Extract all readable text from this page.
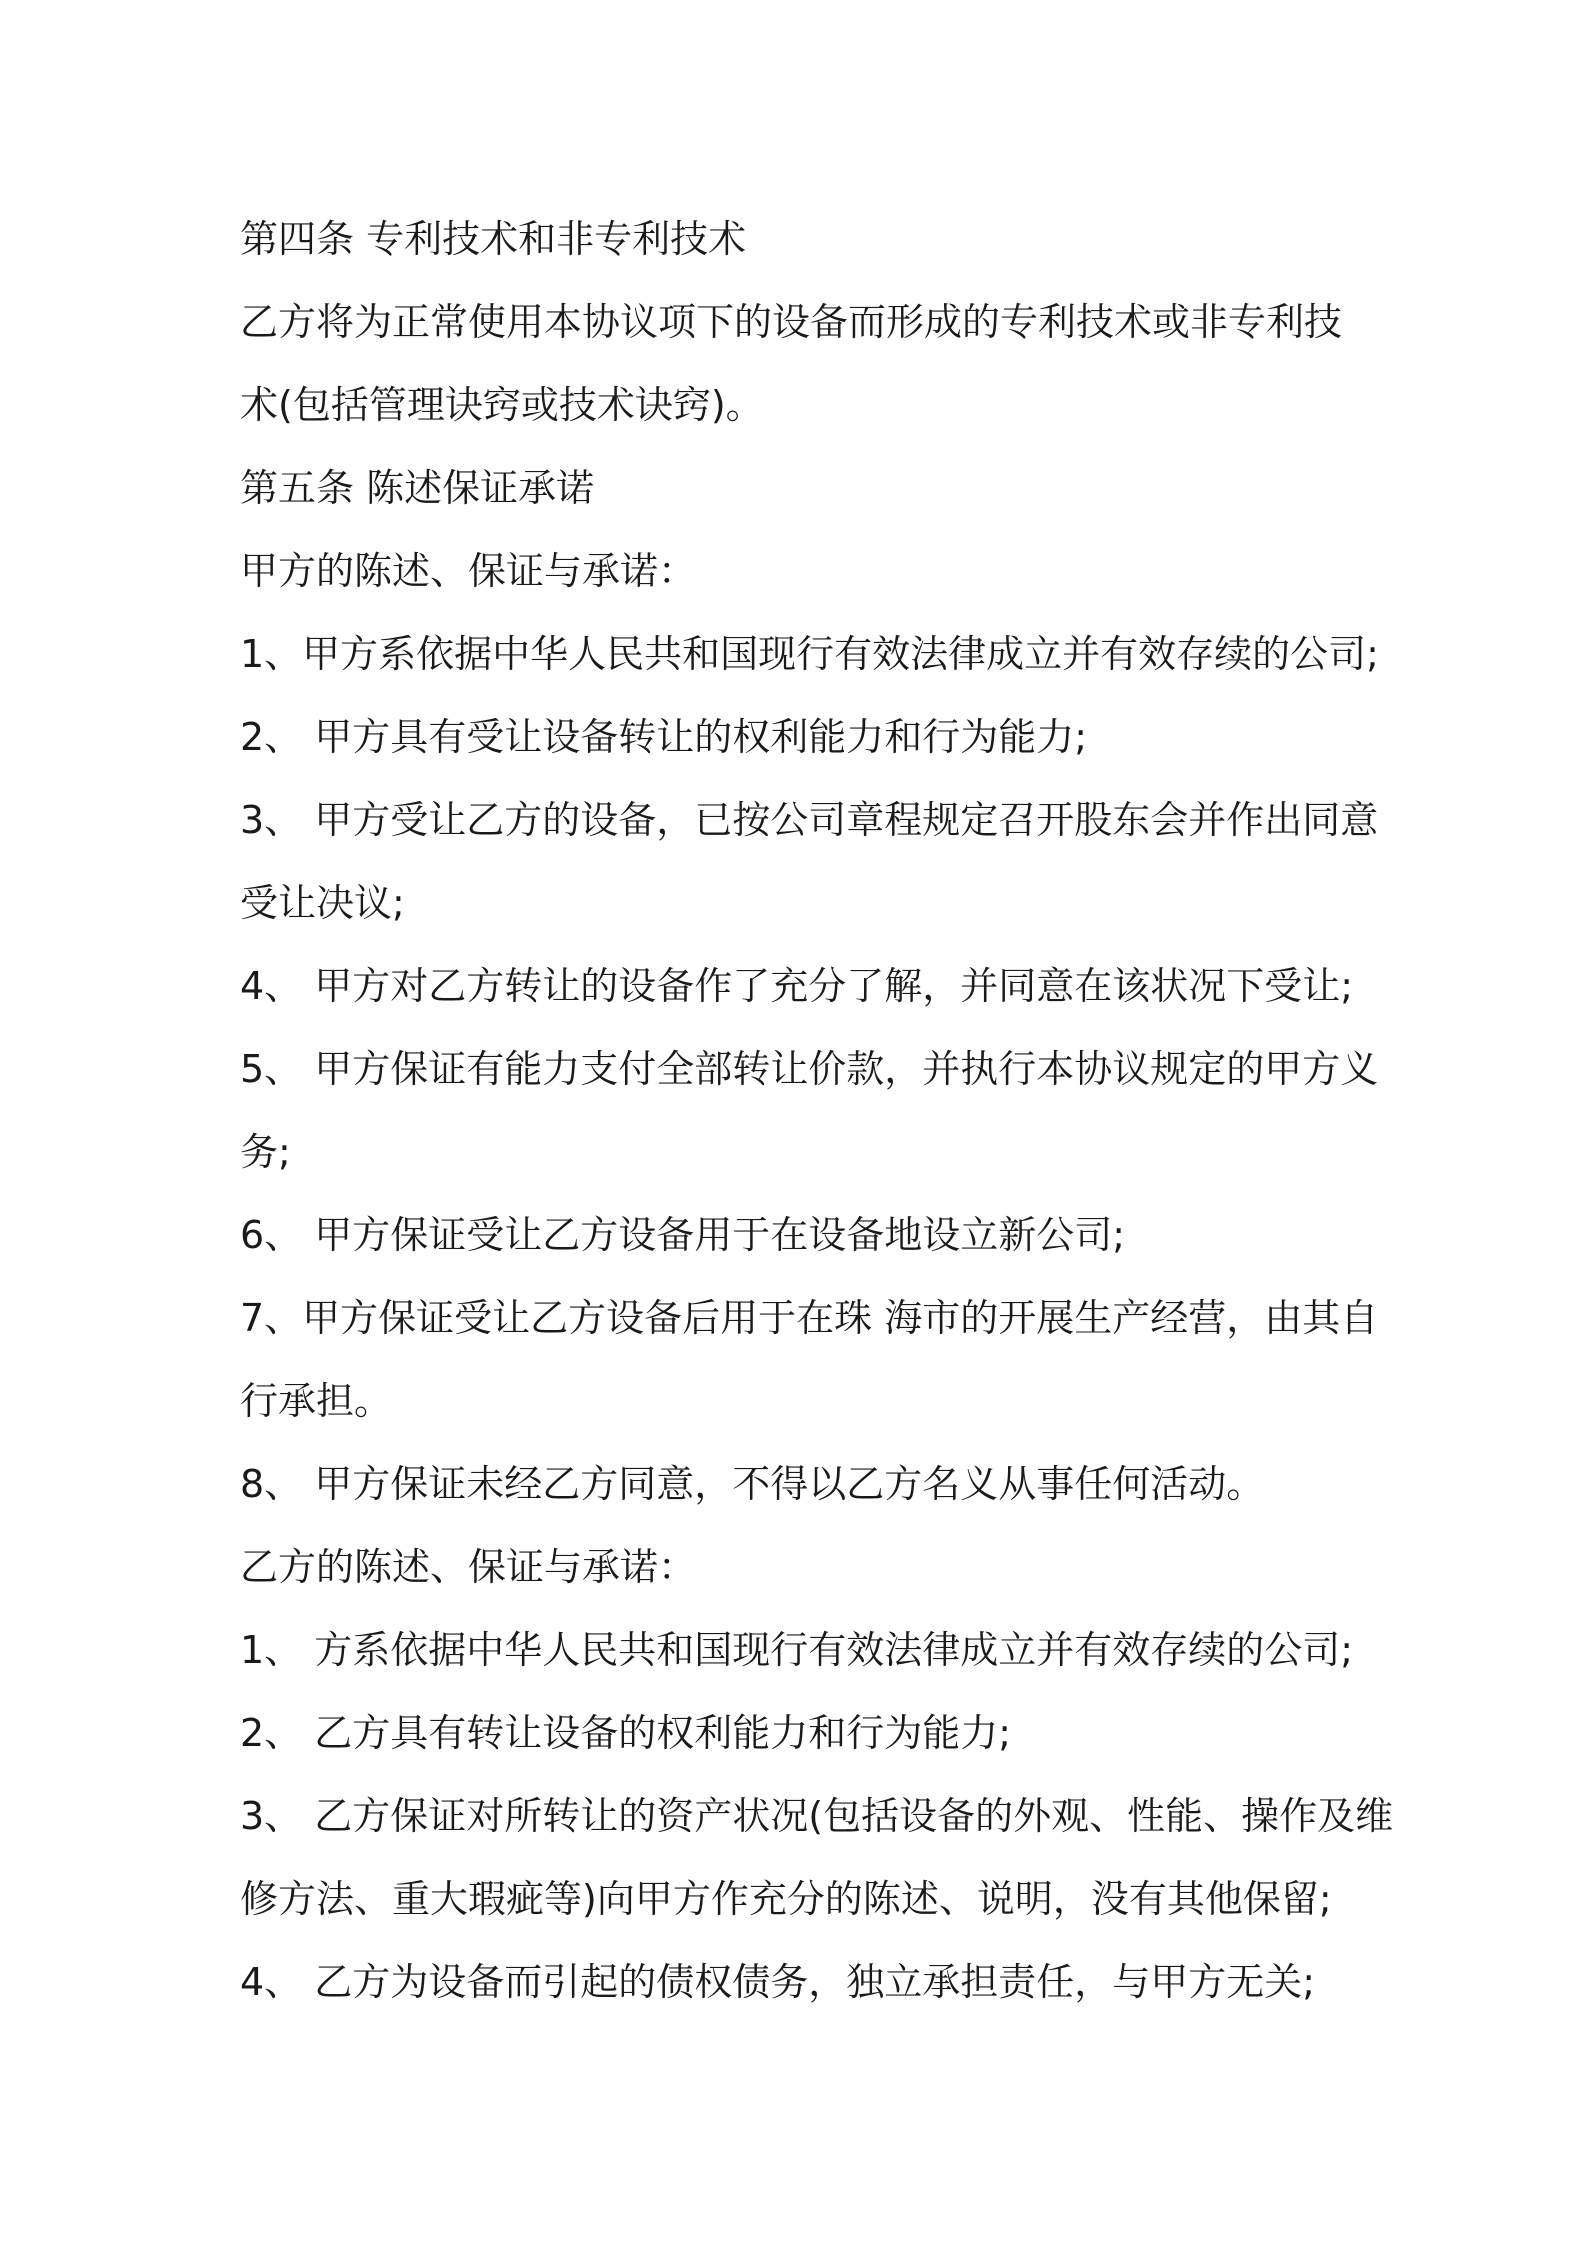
第四条 专利技术和非专利技术
乙方将为正常使用本协议项下的设备而形成的专利技术或非专利技
术(包括管理诀窍或技术诀窍)。
第五条 陈述保证承诺
甲方的陈述、保证与承诺：
1、甲方系依据中华人民共和国现行有效法律成立并有效存续的公司;
2、 甲方具有受让设备转让的权利能力和行为能力;
3、 甲方受让乙方的设备，已按公司章程规定召开股东会并作出同意
受让决议;
4、 甲方对乙方转让的设备作了充分了解，并同意在该状况下受让;
5、 甲方保证有能力支付全部转让价款，并执行本协议规定的甲方义
务;
6、 甲方保证受让乙方设备用于在设备地设立新公司;
7、甲方保证受让乙方设备后用于在珠 海市的开展生产经营，由其自
行承担。
8、 甲方保证未经乙方同意，不得以乙方名义从事任何活动。
乙方的陈述、保证与承诺：
1、 方系依据中华人民共和国现行有效法律成立并有效存续的公司;
2、 乙方具有转让设备的权利能力和行为能力;
3、 乙方保证对所转让的资产状况(包括设备的外观、性能、操作及维
修方法、重大瑕疵等)向甲方作充分的陈述、说明，没有其他保留;
4、 乙方为设备而引起的债权债务，独立承担责任，与甲方无关;
